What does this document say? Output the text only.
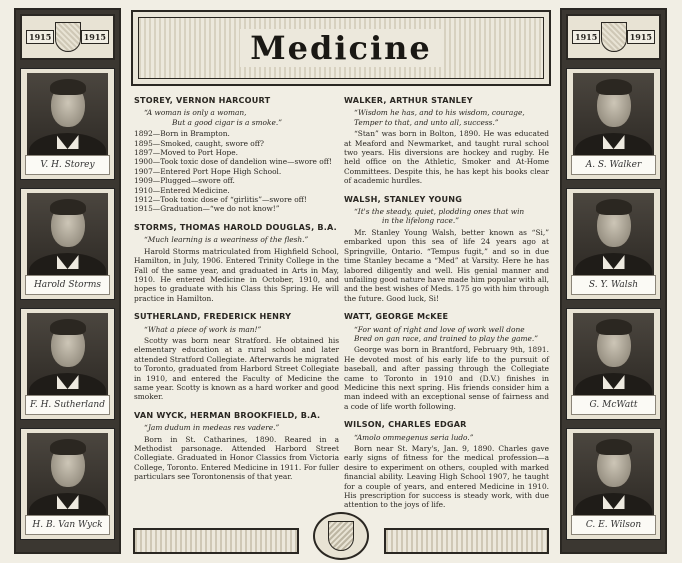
1915	1915
V. H. Storey
Harold Storms
F. H. Sutherland
H. B. Van Wyck
1915	1915
A. S. Walker
S. Y. Walsh
G. McWatt
C. E. Wilson
Medicine
STOREY, VERNON HARCOURT
“A woman is only a woman,
But a good cigar is a smoke.”
1892—Born in Brampton.
1895—Smoked, caught, swore off?
1897—Moved to Port Hope.
1900—Took toxic dose of dandelion wine—swore off!
1907—Entered Port Hope High School.
1909—Plugged—swore off.
1910—Entered Medicine.
1912—Took toxic dose of “girlitis”—swore off!
1915—Graduation—“we do not know!”
STORMS, THOMAS HAROLD DOUGLAS, B.A.
“Much learning is a weariness of the flesh.”
Harold Storms matriculated from Highfield School, Hamilton, in July, 1906. Entered Trinity College in the Fall of the same year, and graduated in Arts in May, 1910. He entered Medicine in October, 1910, and hopes to graduate with his Class this Spring. He will practice in Hamilton.
SUTHERLAND, FREDERICK HENRY
“What a piece of work is man!”
Scotty was born near Stratford. He obtained his elementary education at a rural school and later attended Stratford Collegiate. Afterwards he migrated to Toronto, graduated from Harbord Street Collegiate in 1910, and entered the Faculty of Medicine the same year. Scotty is known as a hard worker and good smoker.
VAN WYCK, HERMAN BROOKFIELD, B.A.
“Jam dudum in medeas res vadere.”
Born in St. Catharines, 1890. Reared in a Methodist parsonage. Attended Harbord Street Collegiate. Graduated in Honor Classics from Victoria College, Toronto. Entered Medicine in 1911. For fuller particulars see Torontonensis of that year.
WALKER, ARTHUR STANLEY
“Wisdom he has, and to his wisdom, courage,
Temper to that, and unto all, success.”
“Stan” was born in Bolton, 1890. He was educated at Meaford and Newmarket, and taught rural school two years. His diversions are hockey and rugby. He held office on the Athletic, Smoker and At-Home Committees. Despite this, he has kept his books clear of academic hurdles.
WALSH, STANLEY YOUNG
“It's the steady, quiet, plodding ones that win
in the lifelong race.”
Mr. Stanley Young Walsh, better known as “Si,” embarked upon this sea of life 24 years ago at Springville, Ontario. “Tempus fugit,” and so in due time Stanley became a “Med” at Varsity. Here he has labored diligently and well. His genial manner and unfailing good nature have made him popular with all, and the best wishes of Meds. 175 go with him through the future. Good luck, Si!
WATT, GEORGE McKEE
“For want of right and love of work well done
Bred on gan race, and trained to play the game.”
George was born in Brantford, February 9th, 1891. He devoted most of his early life to the pursuit of baseball, and after passing through the Collegiate came to Toronto in 1910 and (D.V.) finishes in Medicine this next spring. His friends consider him a man indeed with an exceptional sense of fairness and a code of life worth following.
WILSON, CHARLES EDGAR
“Amolo ommegenus seria ludo.”
Born near St. Mary's, Jan. 9, 1890. Charles gave early signs of fitness for the medical profession—a desire to experiment on others, coupled with marked financial ability. Leaving High School 1907, he taught for a couple of years, and entered Medicine in 1910. His prescription for success is steady work, with due attention to the joys of life.
